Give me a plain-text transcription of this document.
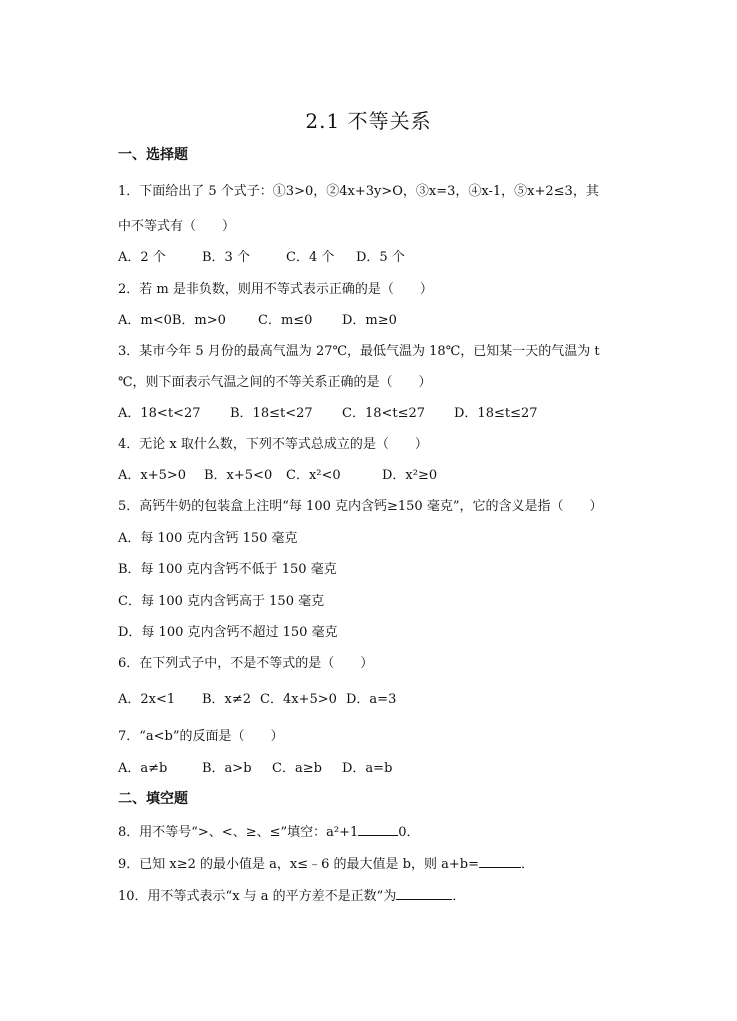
2.1 不等关系
一、选择题
1．下面给出了 5 个式子：①3>0，②4x+3y>O，③x=3，④x-1，⑤x+2≤3，其
中不等式有（　　）
A．2 个	B．3 个	C．4 个 D．5 个
2．若 m 是非负数，则用不等式表示正确的是（　　）
A．m<0B．m>0 C．m≤0 D．m≥0
3．某市今年 5 月份的最高气温为 27℃，最低气温为 18℃，已知某一天的气温为 t
℃，则下面表示气温之间的不等关系正确的是（　　）
A．18<t<27 B．18≤t<27 C．18<t≤27 D．18≤t≤27
4．无论 x 取什么数，下列不等式总成立的是（　　）
A．x+5>0 B．x+5<0 C．x²<0	D．x²≥0
5．高钙牛奶的包装盒上注明“每 100 克内含钙≥150 毫克”，它的含义是指（　　）
A．每 100 克内含钙 150 毫克
B．每 100 克内含钙不低于 150 毫克
C．每 100 克内含钙高于 150 毫克
D．每 100 克内含钙不超过 150 毫克
6．在下列式子中，不是不等式的是（　　）
A．2x<1 B．x≠2 C．4x+5>0 D．a=3
7．“a<b”的反面是（　　）
A．a≠b	B．a>b C．a≥b D．a=b
二、填空题
8．用不等号“>、<、≥、≤”填空：a²+1	0．
9．已知 x≥2 的最小值是 a，x≤﹣6 的最大值是 b，则 a+b=	．
10．用不等式表示“x 与 a 的平方差不是正数”为	．
